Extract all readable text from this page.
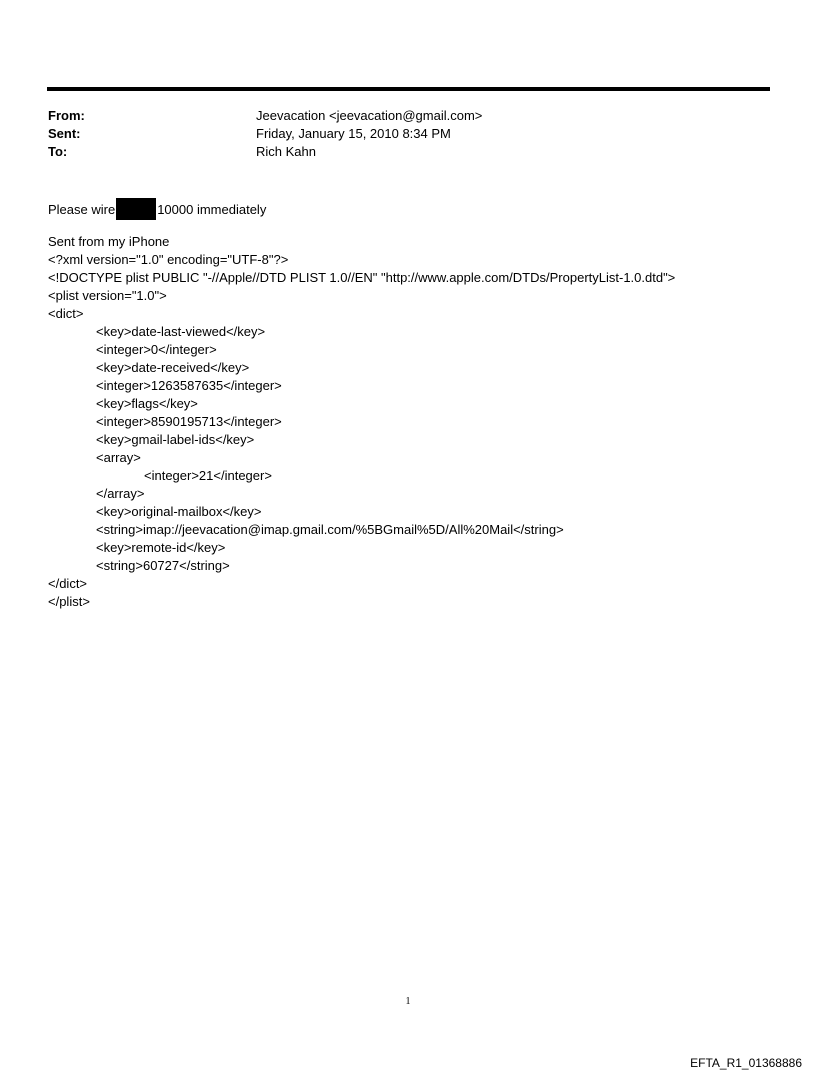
From:	Jeevacation <jeevacation@gmail.com>
Sent:	Friday, January 15, 2010 8:34 PM
To:	Rich Kahn
Please wire	10000 immediately
Sent from my iPhone
<?xml version="1.0" encoding="UTF-8"?>
<!DOCTYPE plist PUBLIC "-//Apple//DTD PLIST 1.0//EN" "http://www.apple.com/DTDs/PropertyList-1.0.dtd">
<plist version="1.0">
<dict>
<key>date-last-viewed</key>
<integer>0</integer>
<key>date-received</key>
<integer>1263587635</integer>
<key>flags</key>
<integer>8590195713</integer>
<key>gmail-label-ids</key>
<array>
<integer>21</integer>
</array>
<key>original-mailbox</key>
<string>imap://jeevacation@imap.gmail.com/%5BGmail%5D/All%20Mail</string>
<key>remote-id</key>
<string>60727</string>
</dict>
</plist>
1
EFTA_R1_01368886
